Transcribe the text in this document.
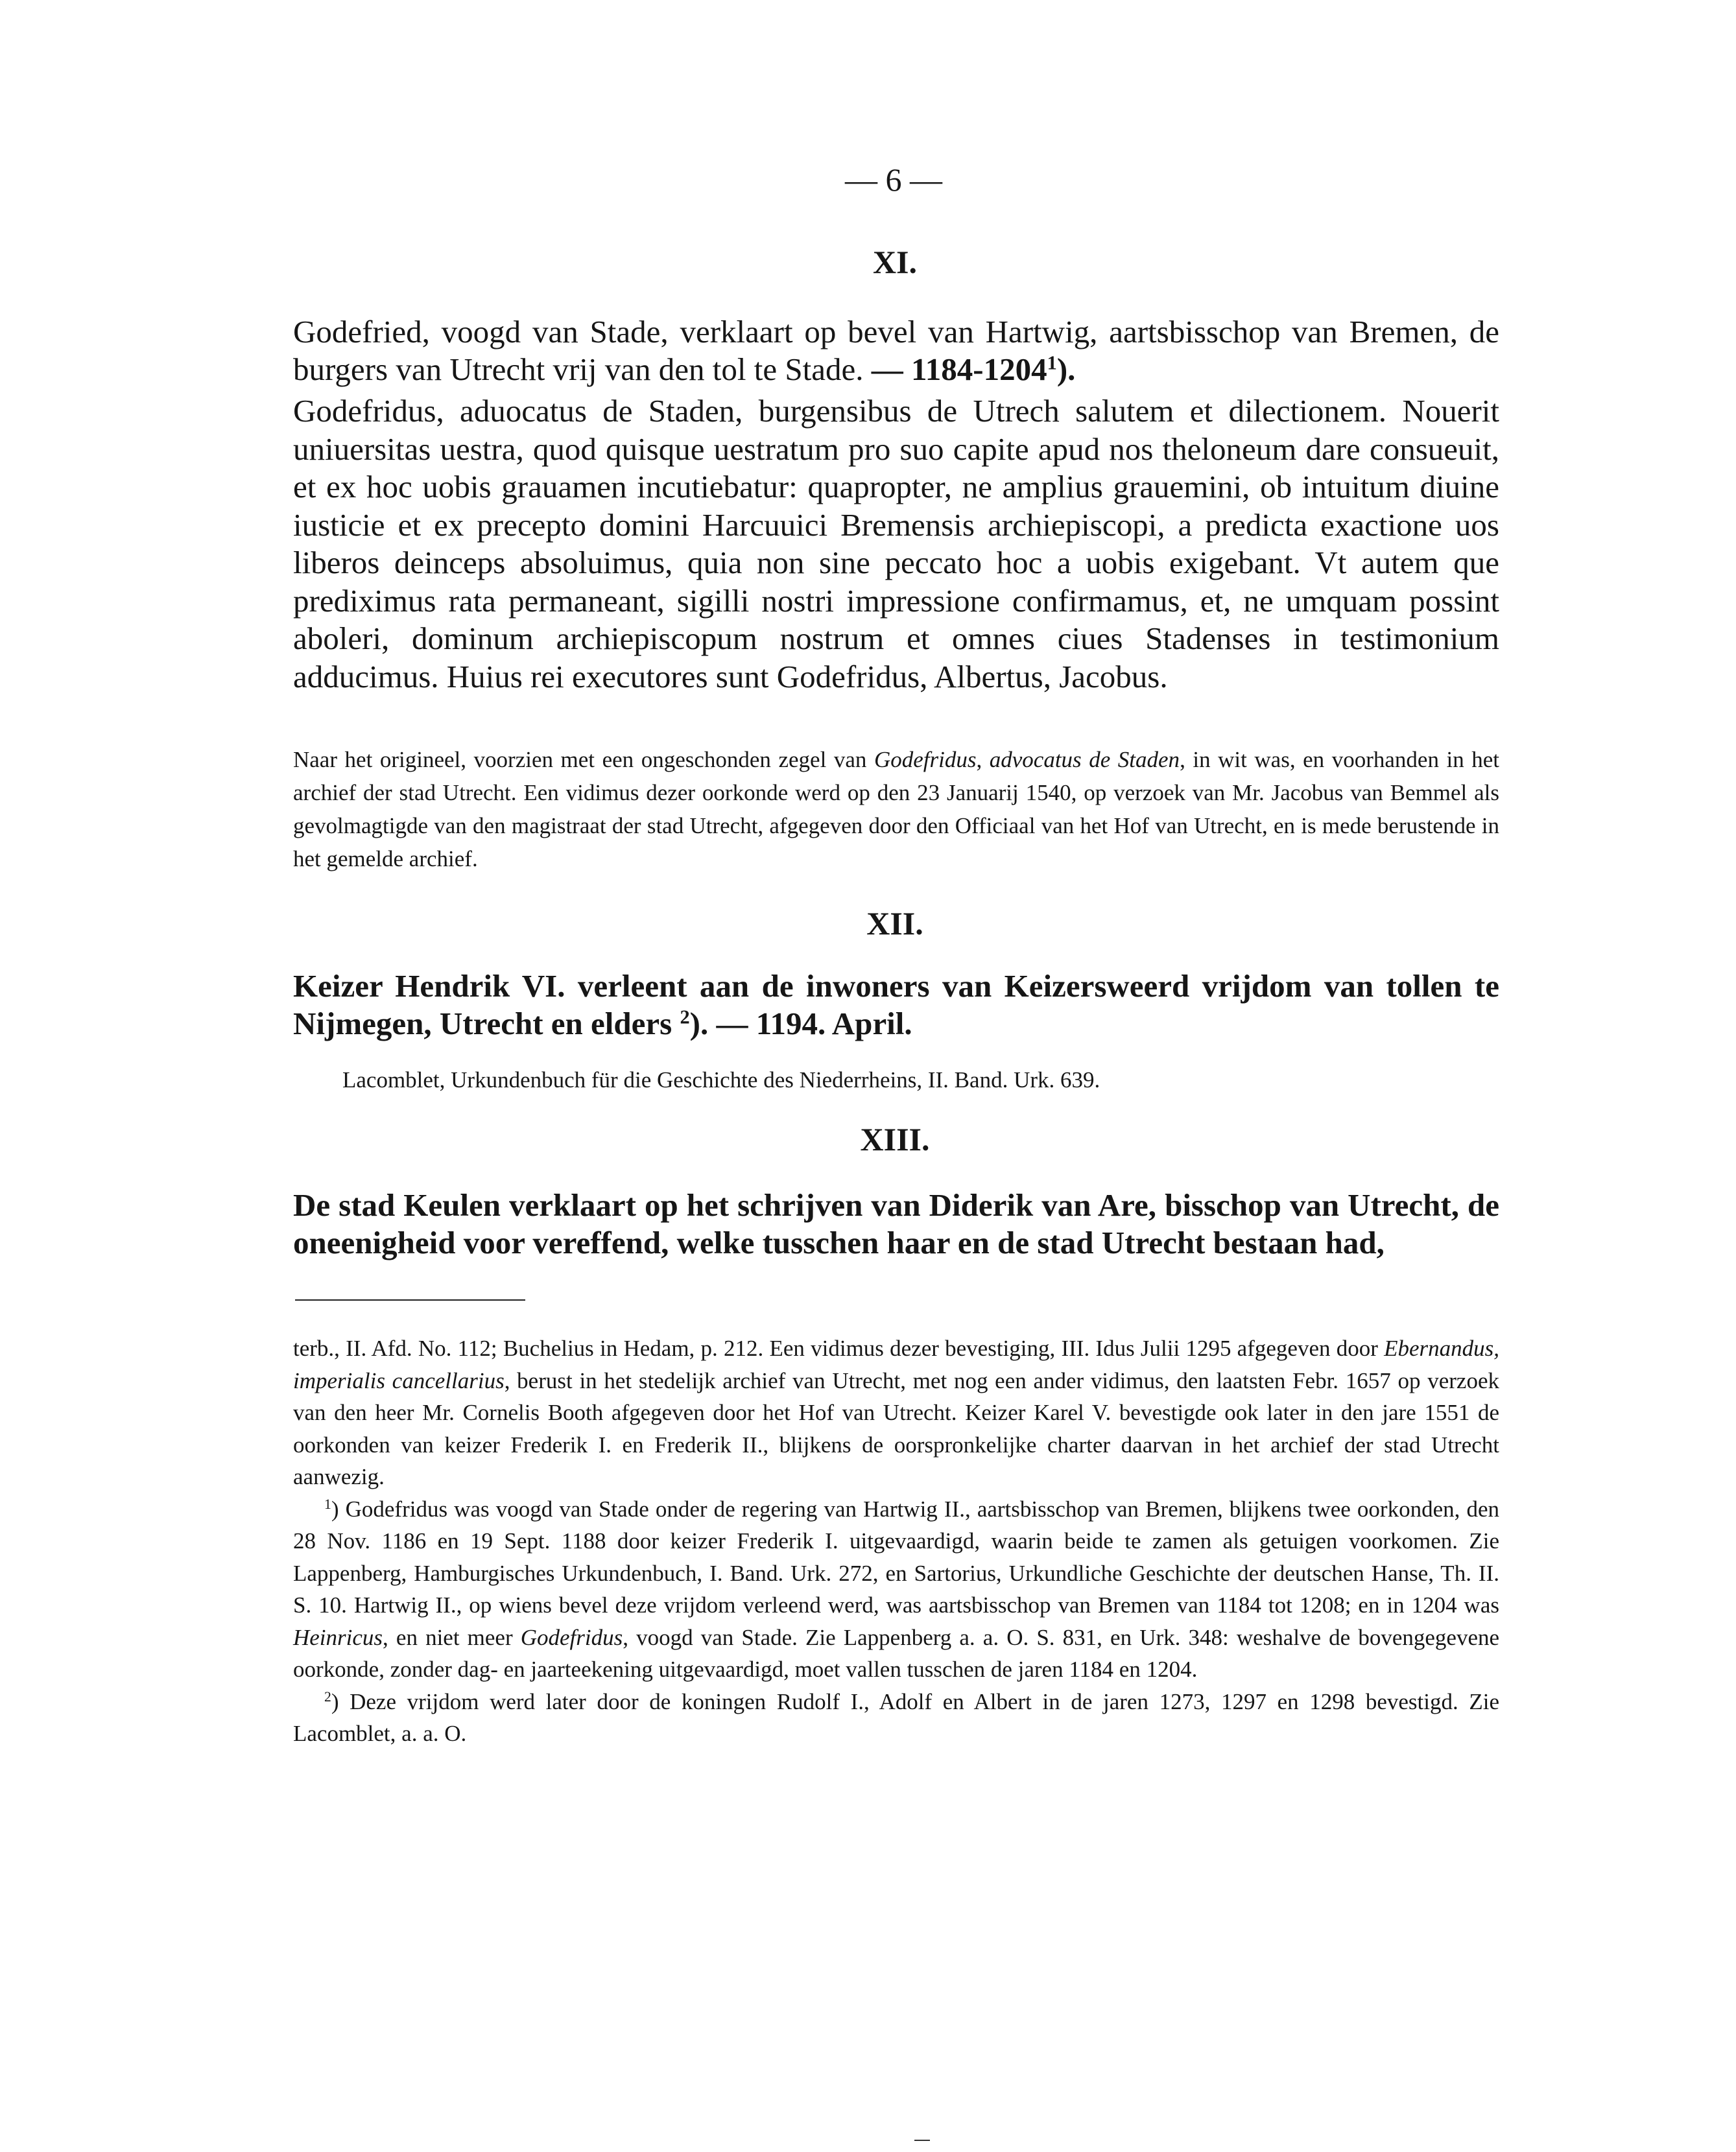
— 6 —
XI.
Godefried, voogd van Stade, verklaart op bevel van Hartwig, aartsbisschop van Bremen, de burgers van Utrecht vrij van den tol te Stade. — 1184-1204$^1$).

Godefridus, aduocatus de Staden, burgensibus de Utrech salutem et dilectionem. Nouerit uniuersitas uestra, quod quisque uestratum pro suo capite apud nos theloneum dare consueuit, et ex hoc uobis grauamen incutiebatur: quapropter, ne amplius grauemini, ob intuitum diuine iusticie et ex precepto domini Harcuuici Bremensis archiepiscopi, a predicta exactione uos liberos deinceps absoluimus, quia non sine peccato hoc a uobis exigebant. Vt autem que prediximus rata permaneant, sigilli nostri impressione confirmamus, et, ne umquam possint aboleri, dominum archiepiscopum nostrum et omnes ciues Stadenses in testimonium adducimus. Huius rei executores sunt Godefridus, Albertus, Jacobus.

Naar het origineel, voorzien met een ongeschonden zegel van Godefridus, advocatus de Staden, in wit was, en voorhanden in het archief der stad Utrecht. Een vidimus dezer oorkonde werd op den 23 Januarij 1540, op verzoek van Mr. Jacobus van Bemmel als gevolmagtigde van den magistraat der stad Utrecht, afgegeven door den Officiaal van het Hof van Utrecht, en is mede berustende in het gemelde archief.
XII.
Keizer Hendrik VI. verleent aan de inwoners van Keizersweerd vrijdom van tollen te Nijmegen, Utrecht en elders $^2$). — 1194. April.
Lacomblet, Urkundenbuch für die Geschichte des Niederrheins, II. Band. Urk. 639.
XIII.
De stad Keulen verklaart op het schrijven van Diderik van Are, bisschop van Utrecht, de oneenigheid voor vereffend, welke tusschen haar en de stad Utrecht bestaan had,

terb., II. Afd. No. 112; Buchelius in Hedam, p. 212. Een vidimus dezer bevestiging, III. Idus Julii 1295 afgegeven door Ebernandus, imperialis cancellarius, berust in het stedelijk archief van Utrecht, met nog een ander vidimus, den laatsten Febr. 1657 op verzoek van den heer Mr. Cornelis Booth afgegeven door het Hof van Utrecht. Keizer Karel V. bevestigde ook later in den jare 1551 de oorkonden van keizer Frederik I. en Frederik II., blijkens de oorspronkelijke charter daarvan in het archief der stad Utrecht aanwezig.

$^1$) Godefridus was voogd van Stade onder de regering van Hartwig II., aartsbisschop van Bremen, blijkens twee oorkonden, den 28 Nov. 1186 en 19 Sept. 1188 door keizer Frederik I. uitgevaardigd, waarin beide te zamen als getuigen voorkomen. Zie Lappenberg, Hamburgisches Urkundenbuch, I. Band. Urk. 272, en Sartorius, Urkundliche Geschichte der deutschen Hanse, Th. II. S. 10. Hartwig II., op wiens bevel deze vrijdom verleend werd, was aartsbisschop van Bremen van 1184 tot 1208; en in 1204 was Heinricus, en niet meer Godefridus, voogd van Stade. Zie Lappenberg a. a. O. S. 831, en Urk. 348: weshalve de bovengegevene oorkonde, zonder dag- en jaarteekening uitgevaardigd, moet vallen tusschen de jaren 1184 en 1204.

$^2$) Deze vrijdom werd later door de koningen Rudolf I., Adolf en Albert in de jaren 1273, 1297 en 1298 bevestigd. Zie Lacomblet, a. a. O.
